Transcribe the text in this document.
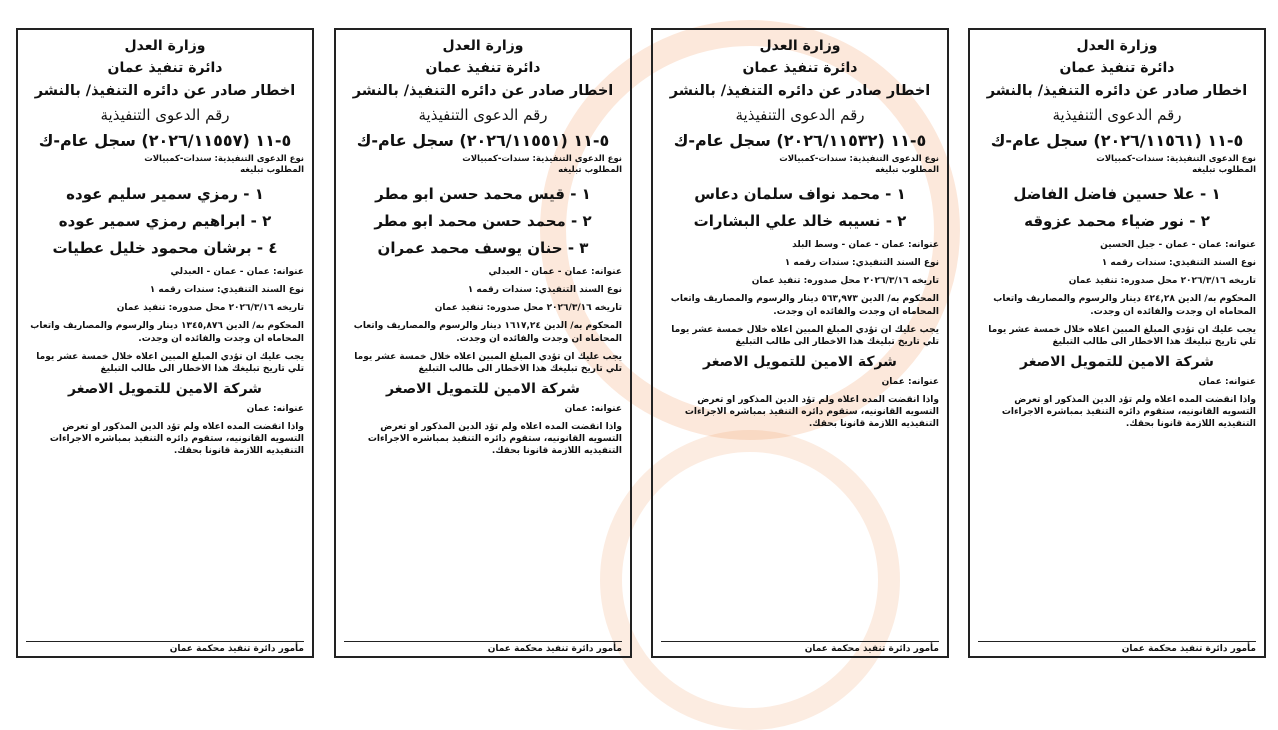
وزارة العدل
دائرة تنفيذ عمان
اخطار صادر عن دائره التنفيذ/ بالنشر
رقم الدعوى التنفيذية
٥-١١ (٢٠٢٦/١١٥٦١) سجل عام-ك
نوع الدعوى التنفيذية: سندات-كمبيالات
المطلوب تبليغه
١ - علا حسين فاضل الفاضل
٢ - نور ضياء محمد عزوقه
عنوانه: عمان - عمان - جبل الحسين
نوع السند التنفيذي: سندات رقمه ١
تاريخه ٢٠٢٦/٣/١٦ محل صدوره: تنفيذ عمان
المحكوم به/ الدين ٤٢٤,٢٨ دينار والرسوم والمصاريف واتعاب المحاماه ان وجدت والفائده ان وجدت.
يجب عليك ان تؤدي المبلغ المبين اعلاه خلال خمسة عشر يوما تلي تاريخ تبليغك هذا الاخطار الى طالب التبليغ
شركة الامين للتمويل الاصغر
عنوانه: عمان
واذا انقضت المده اعلاه ولم تؤد الدين المذكور او تعرض التسويه القانونيه، ستقوم دائره التنفيذ بمباشره الاجراءات التنفيذيه اللازمة قانونا بحقك.
مأمور دائرة تنفيذ محكمة عمان
وزارة العدل
دائرة تنفيذ عمان
اخطار صادر عن دائره التنفيذ/ بالنشر
رقم الدعوى التنفيذية
٥-١١ (٢٠٢٦/١١٥٣٢) سجل عام-ك
نوع الدعوى التنفيذية: سندات-كمبيالات
المطلوب تبليغه
١ - محمد نواف سلمان دعاس
٢ - نسيبه خالد علي البشارات
عنوانه: عمان - عمان - وسط البلد
نوع السند التنفيذي: سندات رقمه ١
تاريخه ٢٠٢٦/٣/١٦ محل صدوره: تنفيذ عمان
المحكوم به/ الدين ٥٦٣,٩٧٣ دينار والرسوم والمصاريف واتعاب المحاماه ان وجدت والفائده ان وجدت.
يجب عليك ان تؤدي المبلغ المبين اعلاه خلال خمسة عشر يوما تلي تاريخ تبليغك هذا الاخطار الى طالب التبليغ
شركة الامين للتمويل الاصغر
عنوانه: عمان
واذا انقضت المده اعلاه ولم تؤد الدين المذكور او تعرض التسويه القانونيه، ستقوم دائره التنفيذ بمباشره الاجراءات التنفيذيه اللازمة قانونا بحقك.
مأمور دائرة تنفيذ محكمة عمان
وزارة العدل
دائرة تنفيذ عمان
اخطار صادر عن دائره التنفيذ/ بالنشر
رقم الدعوى التنفيذية
٥-١١ (٢٠٢٦/١١٥٥١) سجل عام-ك
نوع الدعوى التنفيذية: سندات-كمبيالات
المطلوب تبليغه
١ - قيس محمد حسن ابو مطر
٢ - محمد حسن محمد ابو مطر
٣ - حنان يوسف محمد عمران
عنوانه: عمان - عمان - العبدلي
نوع السند التنفيذي: سندات رقمه ١
تاريخه ٢٠٢٦/٣/١٦ محل صدوره: تنفيذ عمان
المحكوم به/ الدين ١٦١٧,٢٤ دينار والرسوم والمصاريف واتعاب المحاماه ان وجدت والفائده ان وجدت.
يجب عليك ان تؤدي المبلغ المبين اعلاه خلال خمسة عشر يوما تلي تاريخ تبليغك هذا الاخطار الى طالب التبليغ
شركة الامين للتمويل الاصغر
عنوانه: عمان
واذا انقضت المده اعلاه ولم تؤد الدين المذكور او تعرض التسويه القانونيه، ستقوم دائره التنفيذ بمباشره الاجراءات التنفيذيه اللازمة قانونا بحقك.
مأمور دائرة تنفيذ محكمة عمان
وزارة العدل
دائرة تنفيذ عمان
اخطار صادر عن دائره التنفيذ/ بالنشر
رقم الدعوى التنفيذية
٥-١١ (٢٠٢٦/١١٥٥٧) سجل عام-ك
نوع الدعوى التنفيذية: سندات-كمبيالات
المطلوب تبليغه
١ - رمزي سمير سليم عوده
٢ - ابراهيم رمزي سمير عوده
٤ - برشان محمود خليل عطيات
عنوانه: عمان - عمان - العبدلي
نوع السند التنفيذي: سندات رقمه ١
تاريخه ٢٠٢٦/٣/١٦ محل صدوره: تنفيذ عمان
المحكوم به/ الدين ١٣٤٥,٨٧٦ دينار والرسوم والمصاريف واتعاب المحاماه ان وجدت والفائده ان وجدت.
يجب عليك ان تؤدي المبلغ المبين اعلاه خلال خمسة عشر يوما تلي تاريخ تبليغك هذا الاخطار الى طالب التبليغ
شركة الامين للتمويل الاصغر
عنوانه: عمان
واذا انقضت المده اعلاه ولم تؤد الدين المذكور او تعرض التسويه القانونيه، ستقوم دائره التنفيذ بمباشره الاجراءات التنفيذيه اللازمة قانونا بحقك.
مأمور دائرة تنفيذ محكمة عمان
